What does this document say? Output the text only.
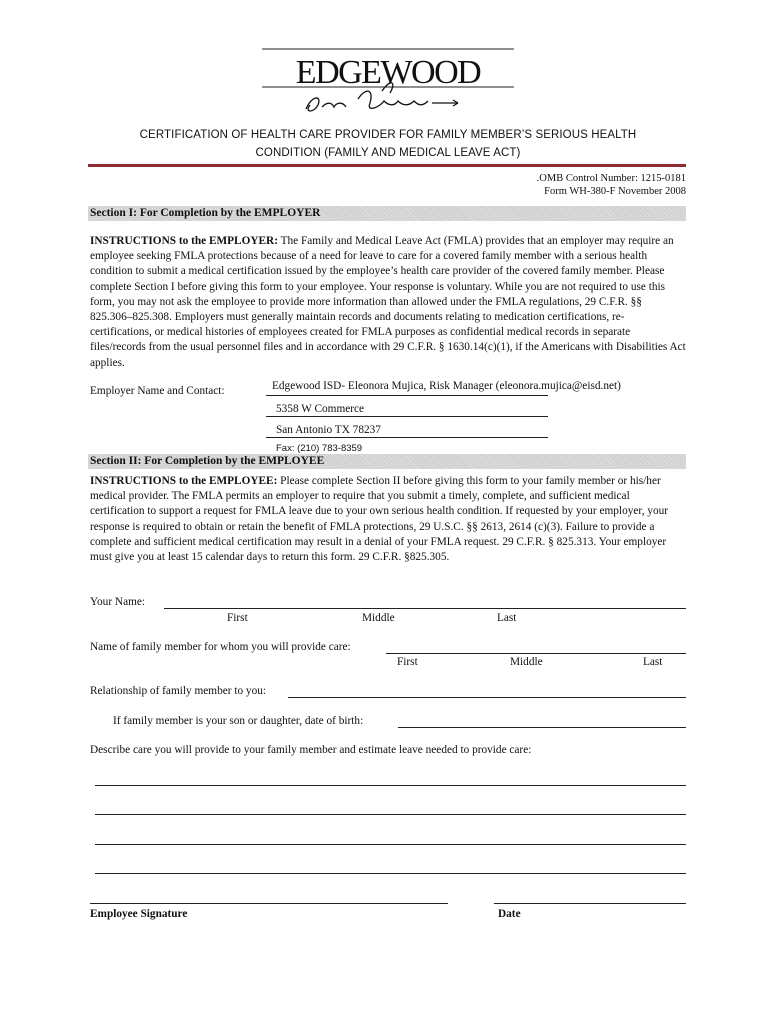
EDGEWOOD
CERTIFICATION OF HEALTH CARE PROVIDER FOR FAMILY MEMBER’S SERIOUS HEALTH
CONDITION (FAMILY AND MEDICAL LEAVE ACT)
.OMB Control Number: 1215-0181
Form WH-380-F November 2008
Section I: For Completion by the EMPLOYER
INSTRUCTIONS to the EMPLOYER: The Family and Medical Leave Act (FMLA) provides that an employer may require an employee seeking FMLA protections because of a need for leave to care for a covered family member with a serious health condition to submit a medical certification issued by the employee’s health care provider of the covered family member. Please complete Section I before giving this form to your employee. Your response is voluntary. While you are not required to use this form, you may not ask the employee to provide more information than allowed under the FMLA regulations, 29 C.F.R. §§ 825.306–825.308. Employers must generally maintain records and documents relating to medication certifications, re-certifications, or medical histories of employees created for FMLA purposes as confidential medical records in separate files/records from the usual personnel files and in accordance with 29 C.F.R. § 1630.14(c)(1), if the Americans with Disabilities Act applies.
Employer Name and Contact:	Edgewood ISD- Eleonora Mujica, Risk Manager (eleonora.mujica@eisd.net)
5358 W Commerce
San Antonio TX 78237
Fax: (210) 783-8359
Section II: For Completion by the EMPLOYEE
INSTRUCTIONS to the EMPLOYEE: Please complete Section II before giving this form to your family member or his/her medical provider. The FMLA permits an employer to require that you submit a timely, complete, and sufficient medical certification to support a request for FMLA leave due to your own serious health condition. If requested by your employer, your response is required to obtain or retain the benefit of FMLA protections, 29 U.S.C. §§ 2613, 2614 (c)(3). Failure to provide a complete and sufficient medical certification may result in a denial of your FMLA request. 29 C.F.R. § 825.313. Your employer must give you at least 15 calendar days to return this form. 29 C.F.R. §825.305.
Your Name:
First	Middle	Last
Name of family member for whom you will provide care:
First	Middle	Last
Relationship of family member to you:
If family member is your son or daughter, date of birth:
Describe care you will provide to your family member and estimate leave needed to provide care:
Employee Signature	Date
